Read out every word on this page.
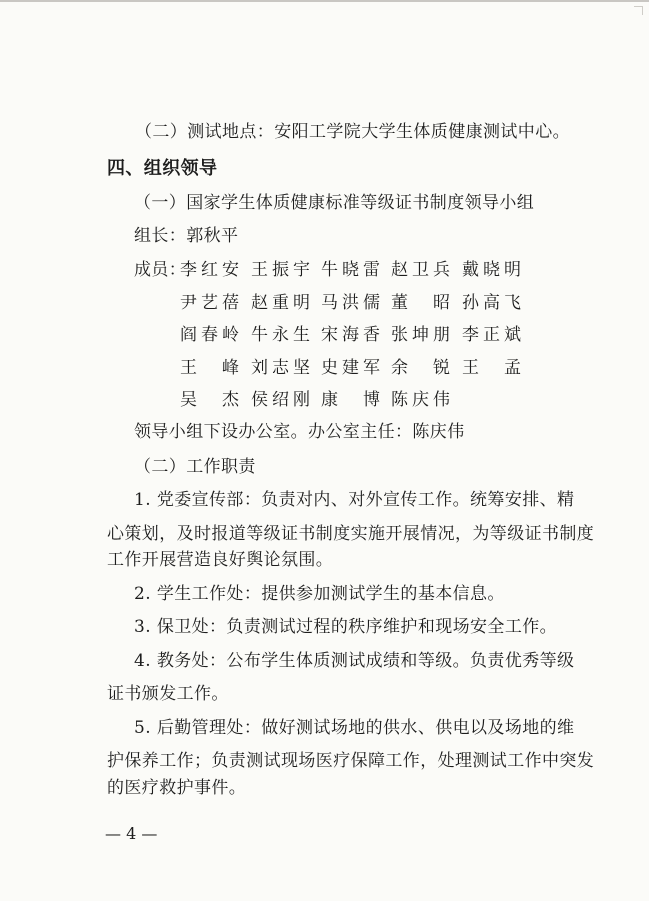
（二）测试地点：安阳工学院大学生体质健康测试中心。
四、组织领导
（一）国家学生体质健康标准等级证书制度领导小组
组长：郭秋平
成员：
李红安 王振宇 牛晓雷 赵卫兵 戴晓明
尹艺蓓 赵重明 马洪儒 董　昭 孙高飞
阎春岭 牛永生 宋海香 张坤朋 李正斌
王　峰 刘志坚 史建军 余　锐 王　孟
吴　杰 侯绍刚 康　博 陈庆伟
领导小组下设办公室。办公室主任：陈庆伟
（二）工作职责
1. 党委宣传部：负责对内、对外宣传工作。统筹安排、精
心策划，及时报道等级证书制度实施开展情况，为等级证书制度
工作开展营造良好舆论氛围。
2. 学生工作处：提供参加测试学生的基本信息。
3. 保卫处：负责测试过程的秩序维护和现场安全工作。
4. 教务处：公布学生体质测试成绩和等级。负责优秀等级
证书颁发工作。
5. 后勤管理处：做好测试场地的供水、供电以及场地的维
护保养工作；负责测试现场医疗保障工作，处理测试工作中突发
的医疗救护事件。
— 4 —
